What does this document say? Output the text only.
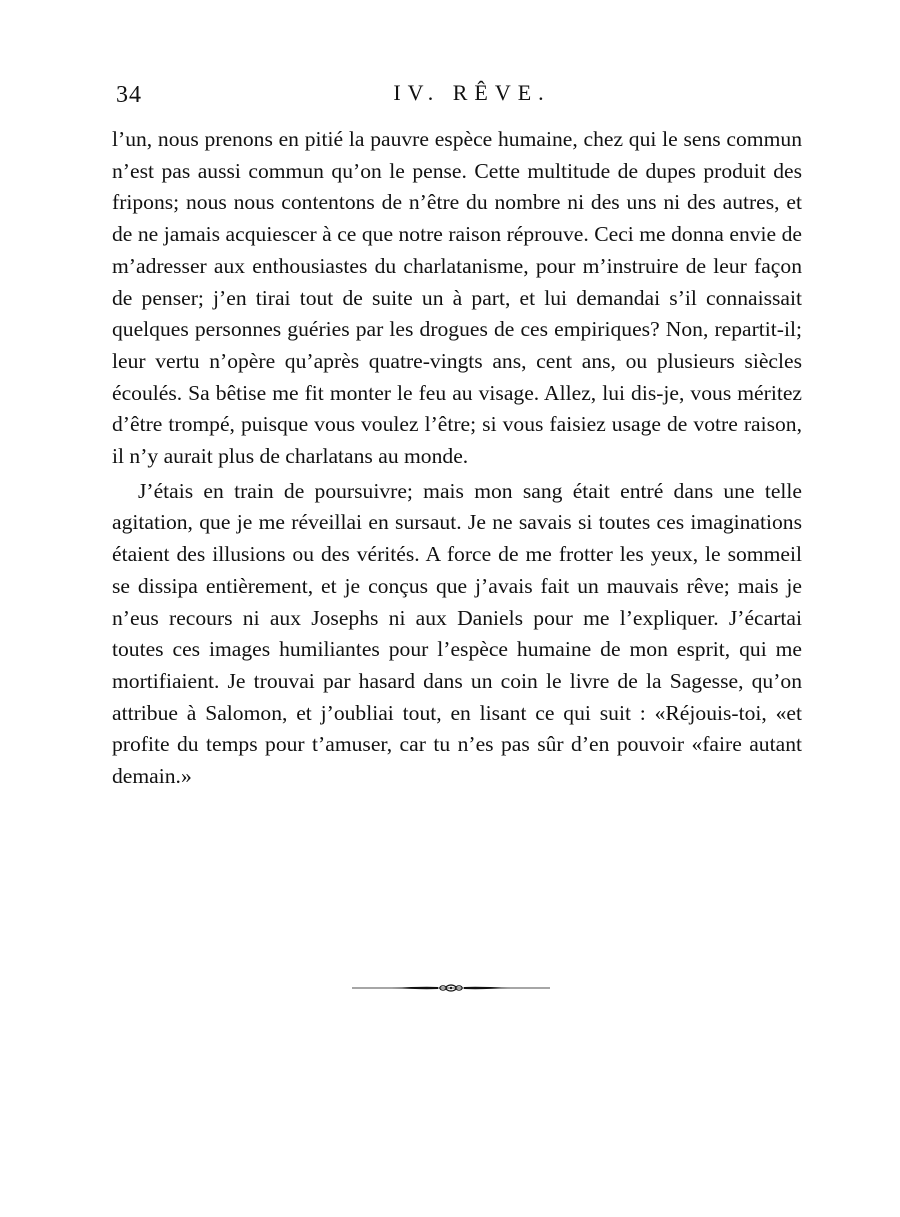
34	IV. RÊVE.

l’un, nous prenons en pitié la pauvre espèce humaine, chez qui le sens commun n’est pas aussi commun qu’on le pense. Cette multitude de dupes produit des fripons; nous nous contentons de n’être du nombre ni des uns ni des autres, et de ne jamais acquiescer à ce que notre raison réprouve. Ceci me donna envie de m’adresser aux enthousiastes du charlatanisme, pour m’instruire de leur façon de penser; j’en tirai tout de suite un à part, et lui demandai s’il connaissait quelques personnes guéries par les drogues de ces empiriques? Non, repartit-il; leur vertu n’opère qu’après quatre-vingts ans, cent ans, ou plusieurs siècles écoulés. Sa bêtise me fit monter le feu au visage. Allez, lui dis-je, vous méritez d’être trompé, puisque vous voulez l’être; si vous faisiez usage de votre raison, il n’y aurait plus de charlatans au monde.

J’étais en train de poursuivre; mais mon sang était entré dans une telle agitation, que je me réveillai en sursaut. Je ne savais si toutes ces imaginations étaient des illusions ou des vérités. A force de me frotter les yeux, le sommeil se dissipa entièrement, et je conçus que j’avais fait un mauvais rêve; mais je n’eus recours ni aux Josephs ni aux Daniels pour me l’expliquer. J’écartai toutes ces images humiliantes pour l’espèce humaine de mon esprit, qui me mortifiaient. Je trouvai par hasard dans un coin le livre de la Sagesse, qu’on attribue à Salomon, et j’oubliai tout, en lisant ce qui suit : «Réjouis-toi, «et profite du temps pour t’amuser, car tu n’es pas sûr d’en pouvoir «faire autant demain.»
